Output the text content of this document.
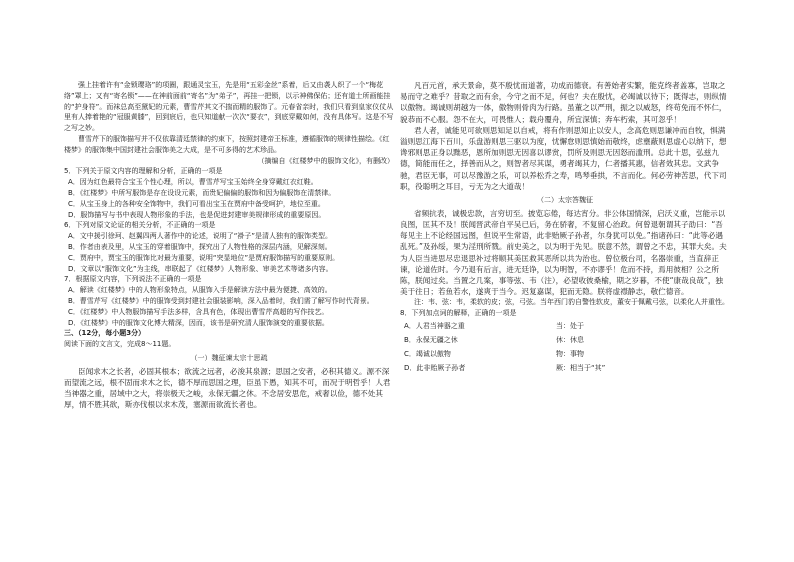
强上挂着许有“金锁璎珞”的项圈，跟通灵宝玉，先是用“五彩金丝”系着，后又由袭人织了一个“梅花络”罩上；又有“寄名锁”——在神前面前“寄名”为“弟子”，再挂一把锁，以示神佛保佑；还有道士所画能挂的“护身符”。而袜总高至黛妃的元素，曹雪芹其文不揣而精的服饰了。元春省亲时，我们只看到皇家仪仗从里有人捧着艳的“冠服黄膝”，回到宸后，也只知道献一次次“要衣”，到底穿戴如何，没有具体写。这是不写之写之妙。

曹雪芹下的服饰描写并不仅依靠清廷禁律的约束下，按照封建帝王标准，遵循服饰的规律性描绘。《红楼梦》的服饰集中国封建社会服饰美之大成，是不可多得的艺术珍品。

（摘编自《红楼梦中的服饰文化》，有删改）

5．下列关于原文内容的理解和分析，正确的一项是

A．因为红色最符合宝玉个性心理，所以，曹雪芹写宝玉始终全身穿戴红衣红鞋。

B．《红楼梦》中所写服饰是存在设设元素，而贵妃偏偏的服饰和因为偏服饰在清禁律。

C．从宝玉身上的各种安全饰物中，我们可看出宝玉在贾府中备受呵护，地位至重。

D．服饰描写与书中表现人物形象的手法，也是促进封建审美规律形成的重要原因。

6．下列对原文论证的相关分析，不正确的一项是

A．文中援引徐珂、赵翼四两人著作中的论述，说明了“褂子”是清人独有的服饰类型。

B．作者由表及里，从宝玉的穿着服饰中，探究出了人物性格的深层内涵，见解深刻。

C．贾府中，贾宝玉的服饰比对最为重要，说明“突显地位”是贾府服饰描写的重要原则。

D．文章以“服饰文化”为主线，串联起了《红楼梦》人物形象、审美艺术等诸多内容。

7．根据原文内容，下列说法不正确的一项是

A．解读《红楼梦》中的人物形象特点，从服饰入手是解读方法中最为便捷、高效的。

B．曹雪芹写《红楼梦》中的服饰受到封建社会服装影响，深入品着时，我们需了解写作时代背景。

C．《红楼梦》中人物服饰描写手法多样，含具有色，体现出曹雪芹高超的写作技艺。

D．《红楼梦》中的服饰文化博大精深，因而，该书是研究清人服饰演变的重要依据。

三、（12分，每小题3分）

阅读下面的文言文，完成8～11题。

（一）魏征谏太宗十思疏

臣闻求木之长者，必固其根本；欲流之远者，必浚其泉源；思国之安者，必积其德义。源不深而望流之远，根不固而求木之长，德不厚而思国之理，臣虽下愚，知其不可，而况于明哲乎！人君当神器之重，居域中之大，将崇极天之峻，永保无疆之休。不念居安思危，戒奢以俭，德不处其厚，情不胜其欲，斯亦伐根以求木茂，塞源而欲流长者也。

凡百元首，承天景命，莫不殷忧而道著，功成而德衰。有善始者实繁，能克终者盖寡，岂取之易而守之难乎？昔取之而有余，今守之而不足，何也？夫在殷忧，必竭诚以待下；既得志，则纵情以傲物。竭诚则胡越为一体，傲物则骨肉为行路。虽董之以严刑，振之以威怒，终苟免而不怀仁，貌恭而不心服。怨不在大，可畏惟人；载舟覆舟，所宜深慎；奔车朽索，其可忽乎！

君人者，诚能见可欲则思知足以自戒，将有作则思知止以安人，念高危则思谦冲而自牧，惧满溢则思江海下百川，乐盘游则思三驱以为度，忧懈怠则思慎始而敬终，虑壅蔽则思虚心以纳下，想谗邪则思正身以黜恶，恩所加则思无因喜以谬赏，罚所及则思无因怒而滥刑。总此十思，弘兹九德，简能而任之，择善而从之，则智者尽其谋，勇者竭其力，仁者播其惠，信者效其忠。文武争驰，君臣无事，可以尽豫游之乐，可以养松乔之寿，鸣琴垂拱，不言而化。何必劳神苦思，代下司职，役聪明之耳目，亏无为之大道哉！

（二）太宗答魏征

省频抗表，诚极忠款，言穷切至。披览忘倦，每达宵分。非公体国情深，启沃义重，岂能示以良图，匡其不及！朕闻晋武帝自平吴已后，务在骄奢，不复留心治政。何曾退朝谓其子劭曰：“吾每见主上不论经国远图，但说平生常语，此非贻厥子孙者，尔身犹可以免。”指诸孙曰：“此等必遇乱死。”及孙绥，果为淫刑所戮。前史美之，以为明于先见。朕意不然，谓曾之不忠，其罪大矣。夫为人臣当进思尽忠退思补过将顺其美匡救其恶所以共为治也。曾位极台司，名器崇重，当直辞正谏，论道佐时。今乃退有后言，进无廷诤，以为明智，不亦谬乎！危而不持，焉用彼相？公之所陈，朕闻过矣。当置之几案，事等弦、韦（注），必望收彼桑榆，期之岁暮，不使“康哉良哉”，独美于往日；若鱼若水，遂爽于当今。迟复嘉谋，犯而无隐。朕将虚襟静志，敬伫德音。

注：韦、弦：韦，柔软的皮；弦，弓弦。当年西门豹自警性软皮，董安于佩戴弓弦，以柔化人并重性。

8．下列加点词的解释，正确的一项是

A．人君当神器之重	当：处于
B．永保无疆之休	休：休息
C．竭诚以傲物	物：事物
D．此非贻厥子孙者	厥：相当于“其”
